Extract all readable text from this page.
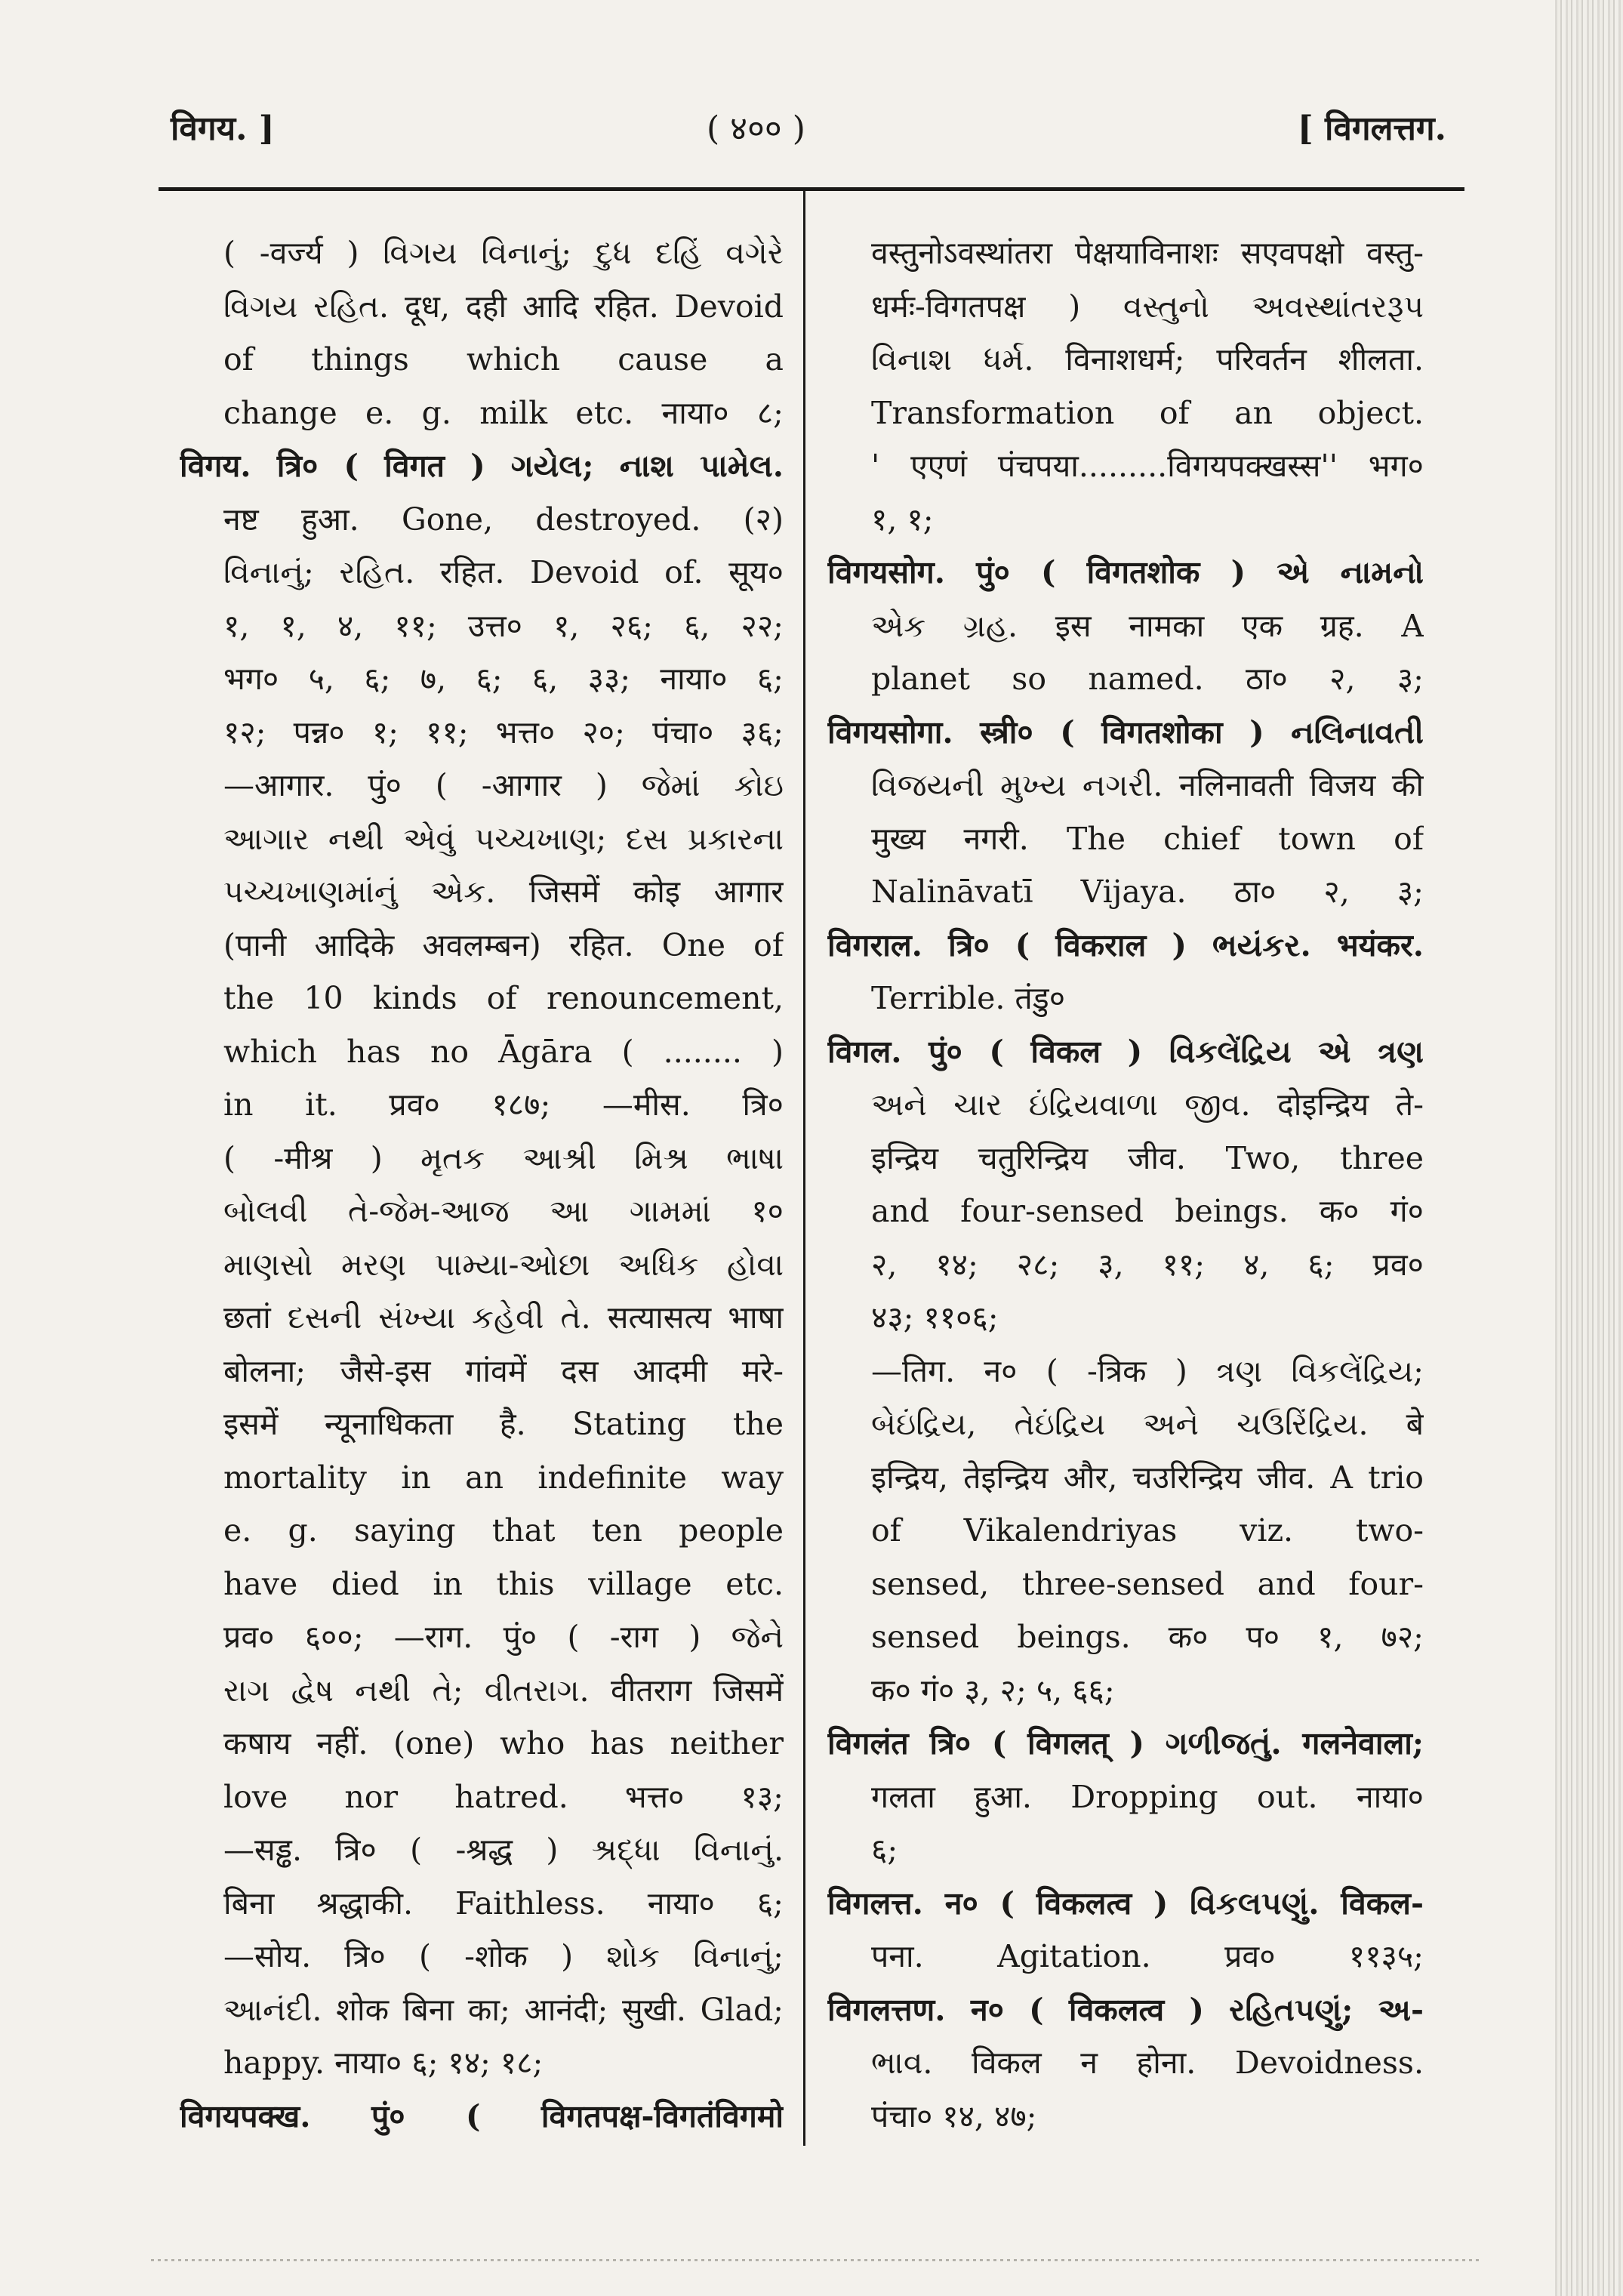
विगय. ]	( ४०० )	[ विगलत्तग.
( -वर्ज्य ) વિગય વિનાનું; દુધ દહિં વગેરે
વિગય રહિત. दूध, दही आदि रहित. Devoid
of things which cause a
change e. g. milk etc. नाया० ८;
विगय. त्रि० ( विगत ) ગયેલ; નાશ પામેલ.
नष्ट हुआ. Gone, destroyed. (२)
વિનાનું; રહિત. रहित. Devoid of. सूय०
१, १, ४, ११; उत्त० १, २६; ६, २२;
भग० ५, ६; ७, ६; ६, ३३; नाया० ६;
१२; पन्न० १; ११; भत्त० २०; पंचा० ३६;
—आगार. पुं० ( -आगार ) જેમાં કોઇ
આગાર નથી એવું પચ્ચખાણ; દસ પ્રકારના
પચ્ચખાણમાંનું એક. जिसमें कोइ आगार
(पानी आदिके अवलम्बन) रहित. One of
the 10 kinds of renouncement,
which has no Āgāra ( ........ )
in it. प्रव० १८७; —मीस. त्रि०
( -मीश्र ) મૃતક આશ્રી મિશ્ર ભાષા
બોલવી તે-જેમ-આજ આ ગામમાં १०
માણસો મરણ પામ્યા-ઓછા અધિક હોવા
छतां દસની સંખ્યા કહેવી તે. सत्यासत्य भाषा
बोलना; जैसे-इस गांवमें दस आदमी मरे-
इसमें न्यूनाधिकता है. Stating the
mortality in an indefinite way
e. g. saying that ten people
have died in this village etc.
प्रव० ६००; —राग. पुं० ( -राग ) જેને
રાગ દ્વેષ નથી તે; વીતરાગ. वीतराग जिसमें
कषाय नहीं. (one) who has neither
love nor hatred. भत्त० १३;
—सड्ढ. त्रि० ( -श्रद्ध ) શ્રદ્ધા વિનાનું.
बिना श्रद्धाकी. Faithless. नाया० ६;
—सोय. त्रि० ( -शोक ) શોક વિનાનું;
આનંદી. शोक बिना का; आनंदी; सुखी. Glad;
happy. नाया० ६; १४; १८;
विगयपक्ख. पुं० ( विगतपक्ष-विगतंविगमो
वस्तुनोऽवस्थांतरा पेक्षयाविनाशः सएवपक्षो वस्तु-
धर्मः-विगतपक्ष ) વસ્તુનો અવસ્થાંતરરૂપ
વિનાશ ધર્મ. विनाशधर्म; परिवर्तन शीलता.
Transformation of an object.
' एएणं पंचपया.........विगयपक्खस्स'' भग०
१, १;
विगयसोग. पुं० ( विगतशोक ) એ નામનો
એક ગ્રહ. इस नामका एक ग्रह. A
planet so named. ठा० २, ३;
विगयसोगा. स्त्री० ( विगतशोका ) નલિનાવતી
વિજયની મુખ્ય નગરી. नलिनावती विजय की
मुख्य नगरी. The chief town of
Nalināvatī Vijaya. ठा० २, ३;
विगराल. त्रि० ( विकराल ) ભયંકર. भयंकर.
Terrible. तंडु०
विगल. पुं० ( विकल ) વિકલેંદ્રિય એ ત્રણ
અને ચાર ઇંદ્રિયવાળા જીવ. दोइन्द्रिय ते-
इन्द्रिय चतुरिन्द्रिय जीव. Two, three
and four-sensed beings. क० गं०
२, १४; २८; ३, ११; ४, ६; प्रव०
४३; ११०६;
—तिग. न० ( -त्रिक ) ત્રણ વિકલેંદ્રિય;
બેઇંદ્રિય, તેઇંદ્રિય અને ચઉરિંદ્રિય. बे
इन्द्रिय, तेइन्द्रिय और, चउरिन्द्रिय जीव. A trio
of Vikalendriyas viz. two-
sensed, three-sensed and four-
sensed beings. क० प० १, ७२;
क० गं० ३, २; ५, ६६;
विगलंत त्रि० ( विगलत् ) ગળીજતું. गलनेवाला;
गलता हुआ. Dropping out. नाया०
६;
विगलत्त. न० ( विकलत्व ) વિકલપણું. विकल-
पना. Agitation. प्रव० ११३५;
विगलत्तण. न० ( विकलत्व ) રહિતપણું; અ-
ભાવ. विकल न होना. Devoidness.
पंचा० १४, ४७;
